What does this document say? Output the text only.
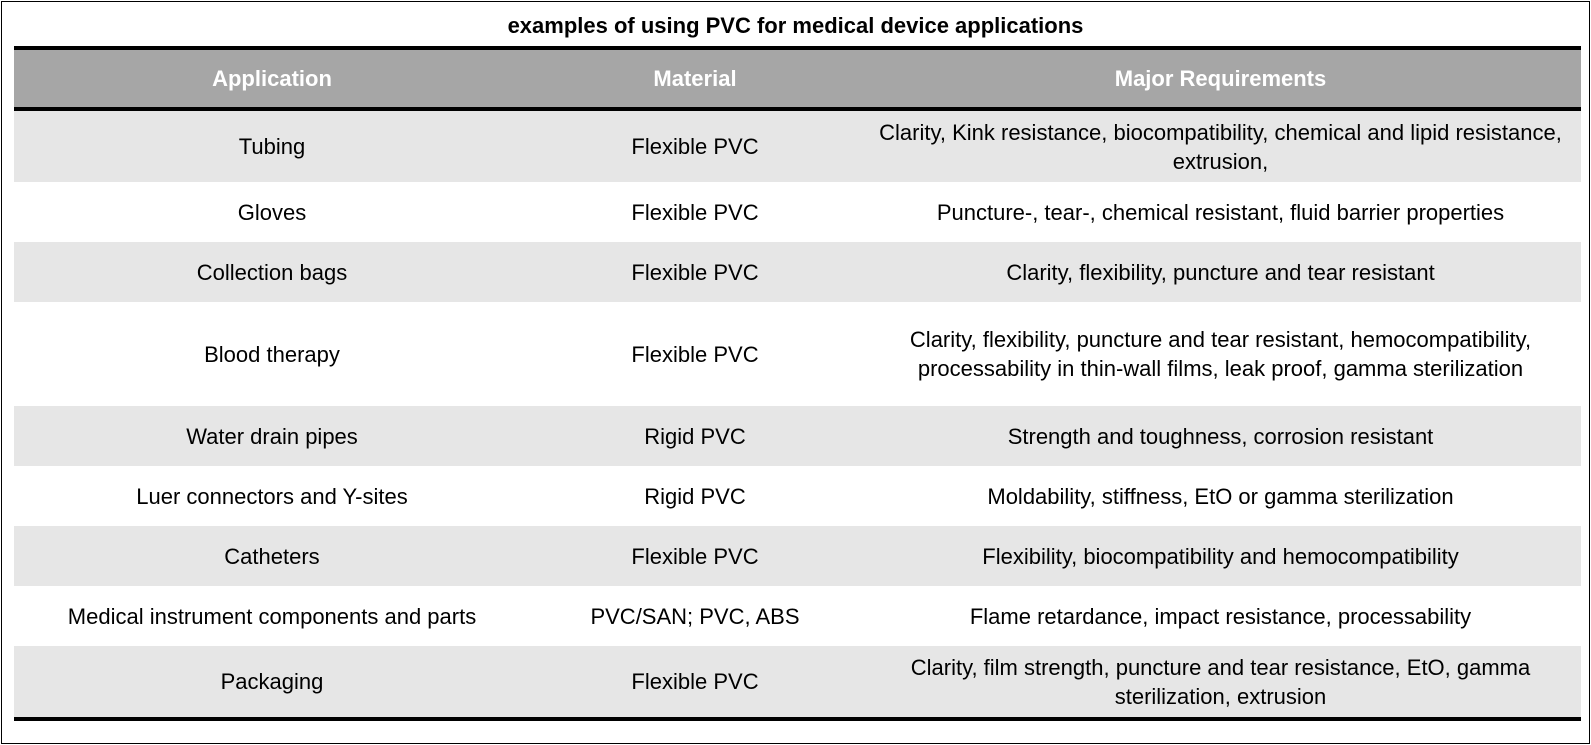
examples of using PVC for medical device applications
Application	Material	Major Requirements
Tubing	Flexible PVC	Clarity, Kink resistance, biocompatibility, chemical and lipid resistance, extrusion,
Gloves	Flexible PVC	Puncture-, tear-, chemical resistant, fluid barrier properties
Collection bags	Flexible PVC	Clarity, flexibility, puncture and tear resistant
Blood therapy	Flexible PVC	Clarity, flexibility, puncture and tear resistant, hemocompatibility, processability in thin-wall films, leak proof, gamma sterilization
Water drain pipes	Rigid PVC	Strength and toughness, corrosion resistant
Luer connectors and Y-sites	Rigid PVC	Moldability, stiffness, EtO or gamma sterilization
Catheters	Flexible PVC	Flexibility, biocompatibility and hemocompatibility
Medical instrument components and parts	PVC/SAN; PVC, ABS	Flame retardance, impact resistance, processability
Packaging	Flexible PVC	Clarity, film strength, puncture and tear resistance, EtO, gamma sterilization, extrusion
